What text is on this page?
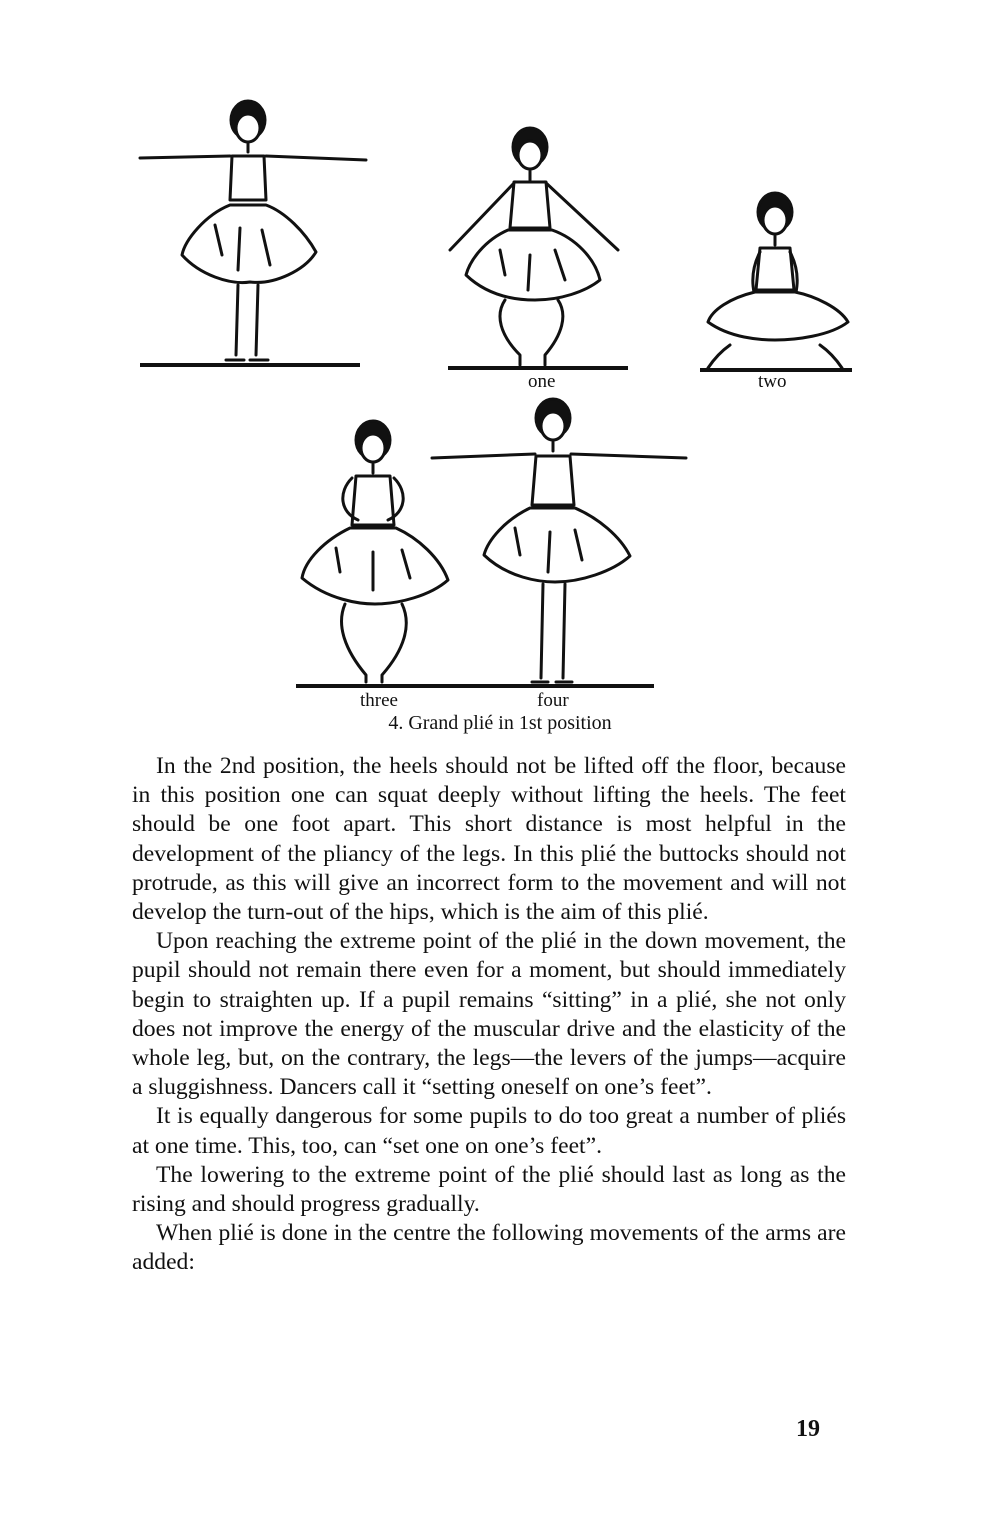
one	two
three	four
4. Grand plié in 1st position

In the 2nd position, the heels should not be lifted off the floor, because in this position one can squat deeply without lifting the heels. The feet should be one foot apart. This short distance is most helpful in the development of the pliancy of the legs. In this plié the buttocks should not protrude, as this will give an incorrect form to the movement and will not develop the turn-out of the hips, which is the aim of this plié.

Upon reaching the extreme point of the plié in the down movement, the pupil should not remain there even for a moment, but should immediately begin to straighten up. If a pupil remains “sitting” in a plié, she not only does not improve the energy of the muscular drive and the elasticity of the whole leg, but, on the contrary, the legs—the levers of the jumps—acquire a sluggishness. Dancers call it “setting oneself on one’s feet”.

It is equally dangerous for some pupils to do too great a number of pliés at one time. This, too, can “set one on one’s feet”.

The lowering to the extreme point of the plié should last as long as the rising and should progress gradually.

When plié is done in the centre the following movements of the arms are added:

19
